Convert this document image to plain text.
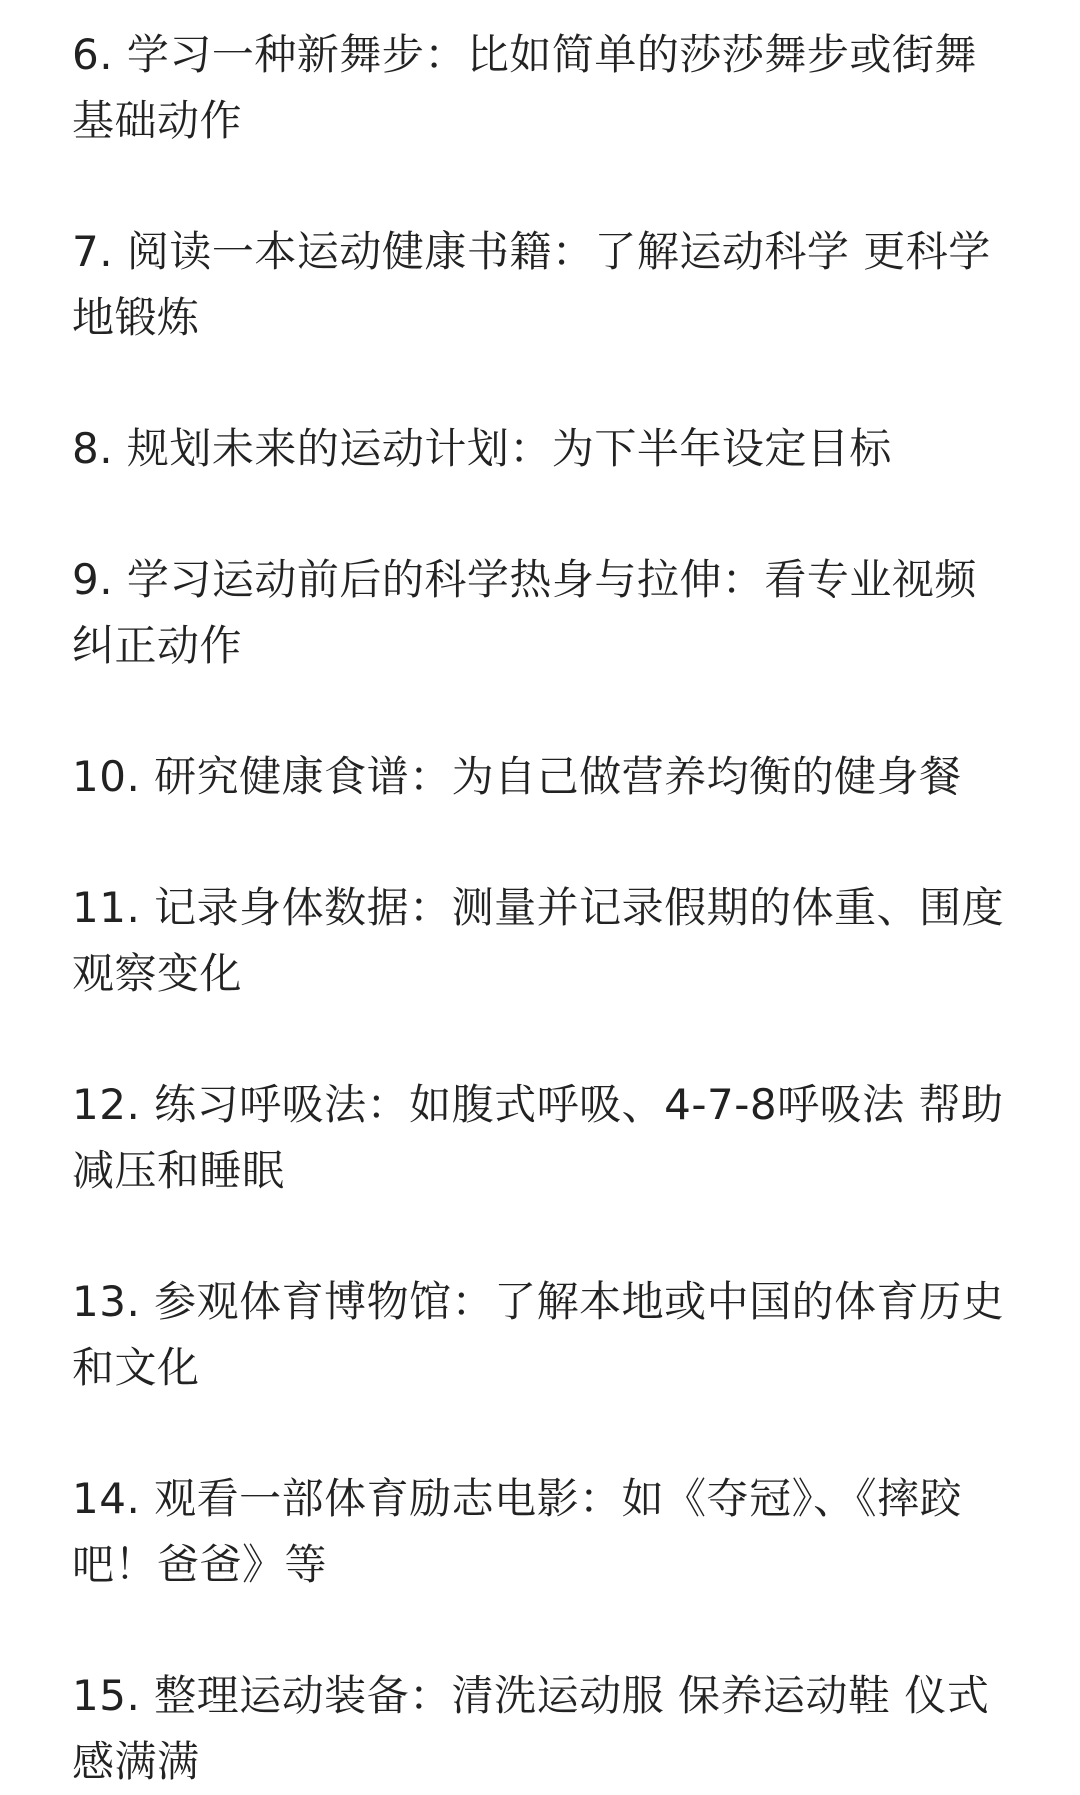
6. 学习一种新舞步：比如简单的莎莎舞步或街舞基础动作

7. 阅读一本运动健康书籍：了解运动科学 更科学地锻炼

8. 规划未来的运动计划：为下半年设定目标

9. 学习运动前后的科学热身与拉伸：看专业视频纠正动作

10. 研究健康食谱：为自己做营养均衡的健身餐

11. 记录身体数据：测量并记录假期的体重、围度观察变化

12. 练习呼吸法：如腹式呼吸、4-7-8呼吸法 帮助减压和睡眠

13. 参观体育博物馆：了解本地或中国的体育历史和文化

14. 观看一部体育励志电影：如《夺冠》、《摔跤吧！爸爸》等

15. 整理运动装备：清洗运动服 保养运动鞋 仪式感满满
